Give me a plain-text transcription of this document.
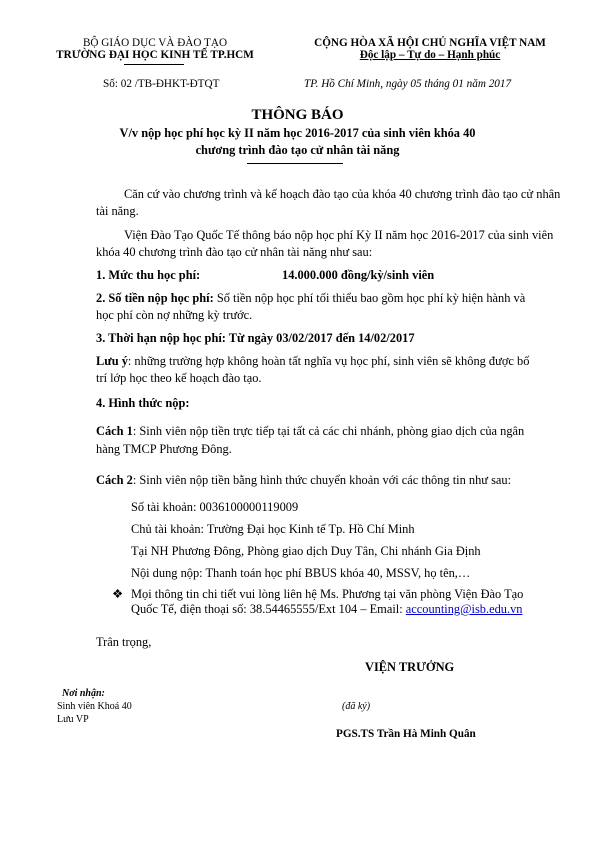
BỘ GIÁO DỤC VÀ ĐÀO TẠO
TRƯỜNG ĐẠI HỌC KINH TẾ TP.HCM
Số: 02 /TB-ĐHKT-ĐTQT
CỘNG HÒA XÃ HỘI CHỦ NGHĨA VIỆT NAM
Độc lập – Tự do – Hạnh phúc
TP. Hồ Chí Minh, ngày 05 tháng 01 năm 2017
THÔNG BÁO
V/v nộp học phí học kỳ II năm học 2016-2017 của sinh viên khóa 40
chương trình đào tạo cử nhân tài năng
Căn cứ vào chương trình và kế hoạch đào tạo của khóa 40 chương trình đào tạo cử nhân
tài năng.
Viện Đào Tạo Quốc Tế thông báo nộp học phí Kỳ II năm học 2016-2017 của sinh viên
khóa 40 chương trình đào tạo cử nhân tài năng như sau:
1. Mức thu học phí:	14.000.000 đồng/kỳ/sinh viên
2. Số tiền nộp học phí: Số tiền nộp học phí tối thiểu bao gồm học phí kỳ hiện hành và
học phí còn nợ những kỳ trước.
3. Thời hạn nộp học phí: Từ ngày 03/02/2017 đến 14/02/2017
Lưu ý: những trường hợp không hoàn tất nghĩa vụ học phí, sinh viên sẽ không được bố
trí lớp học theo kế hoạch đào tạo.
4. Hình thức nộp:
Cách 1: Sinh viên nộp tiền trực tiếp tại tất cả các chi nhánh, phòng giao dịch của ngân
hàng TMCP Phương Đông.
Cách 2: Sinh viên nộp tiền bằng hình thức chuyển khoản với các thông tin như sau:
Số tài khoản: 0036100000119009
Chủ tài khoản: Trường Đại học Kinh tế Tp. Hồ Chí Minh
Tại NH Phương Đông, Phòng giao dịch Duy Tân, Chi nhánh Gia Định
Nội dung nộp: Thanh toán học phí BBUS khóa 40, MSSV, họ tên,…
❖ Mọi thông tin chi tiết vui lòng liên hệ Ms. Phương tại văn phòng Viện Đào Tạo
Quốc Tế, điện thoại số: 38.54465555/Ext 104 – Email: accounting@isb.edu.vn
Trân trọng,
VIỆN TRƯỞNG
(đã ký)
PGS.TS Trần Hà Minh Quân
Nơi nhận:
Sinh viên Khoá 40
Lưu VP
